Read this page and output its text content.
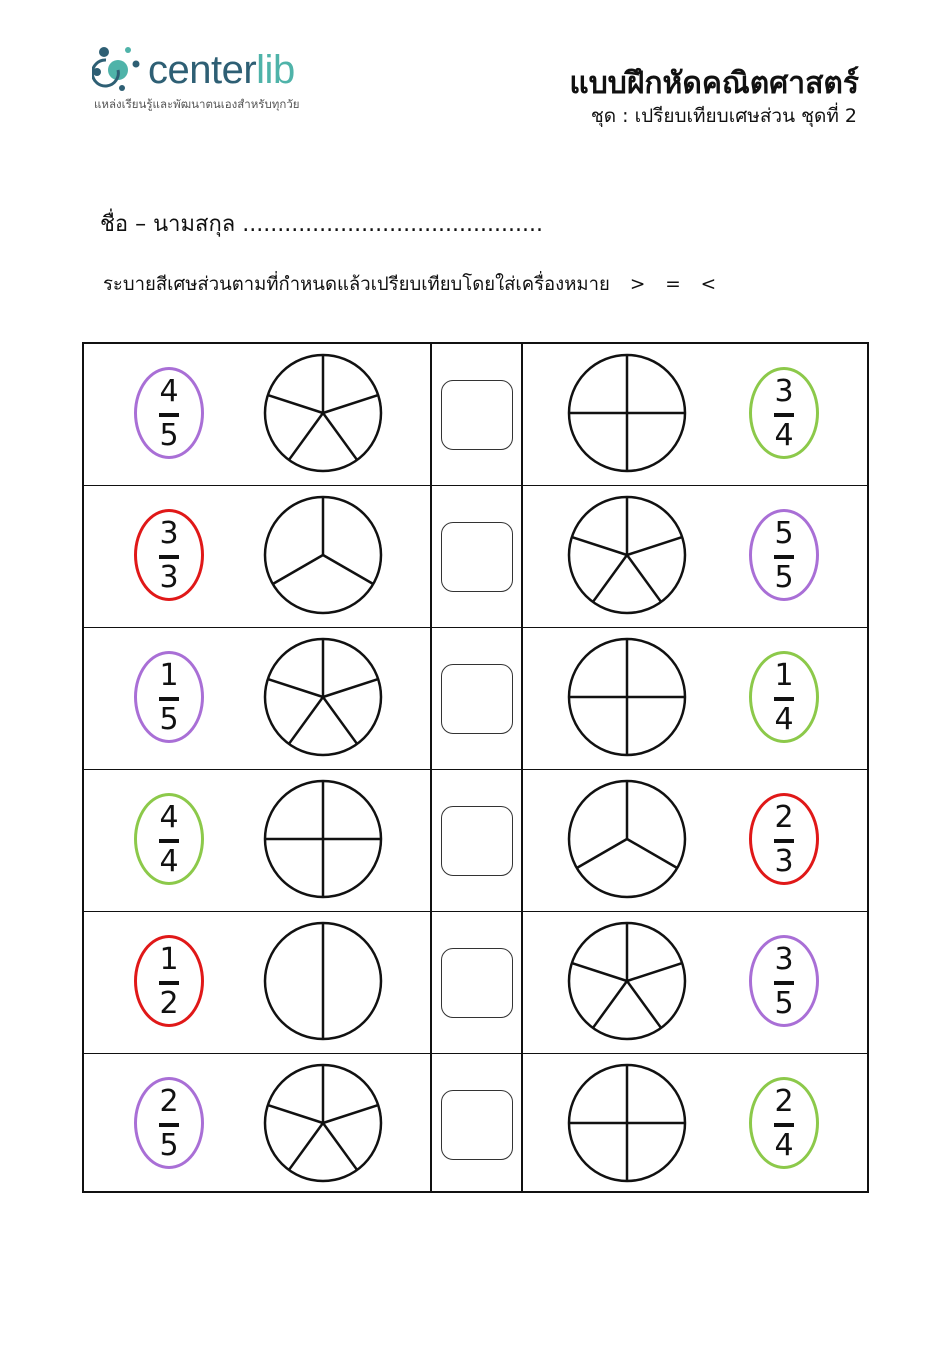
centerlib
แหล่งเรียนรู้และพัฒนาตนเองสำหรับทุกวัย
แบบฝึกหัดคณิตศาสตร์
ชุด : เปรียบเทียบเศษส่วน ชุดที่ 2
ชื่อ – นามสกุล ...........................................
ระบายสีเศษส่วนตามที่กำหนดแล้วเปรียบเทียบโดยใส่เครื่องหมาย > = <
4
5
3
4
3
3
5
5
1
5
1
4
4
4
2
3
1
2
3
5
2
5
2
4
